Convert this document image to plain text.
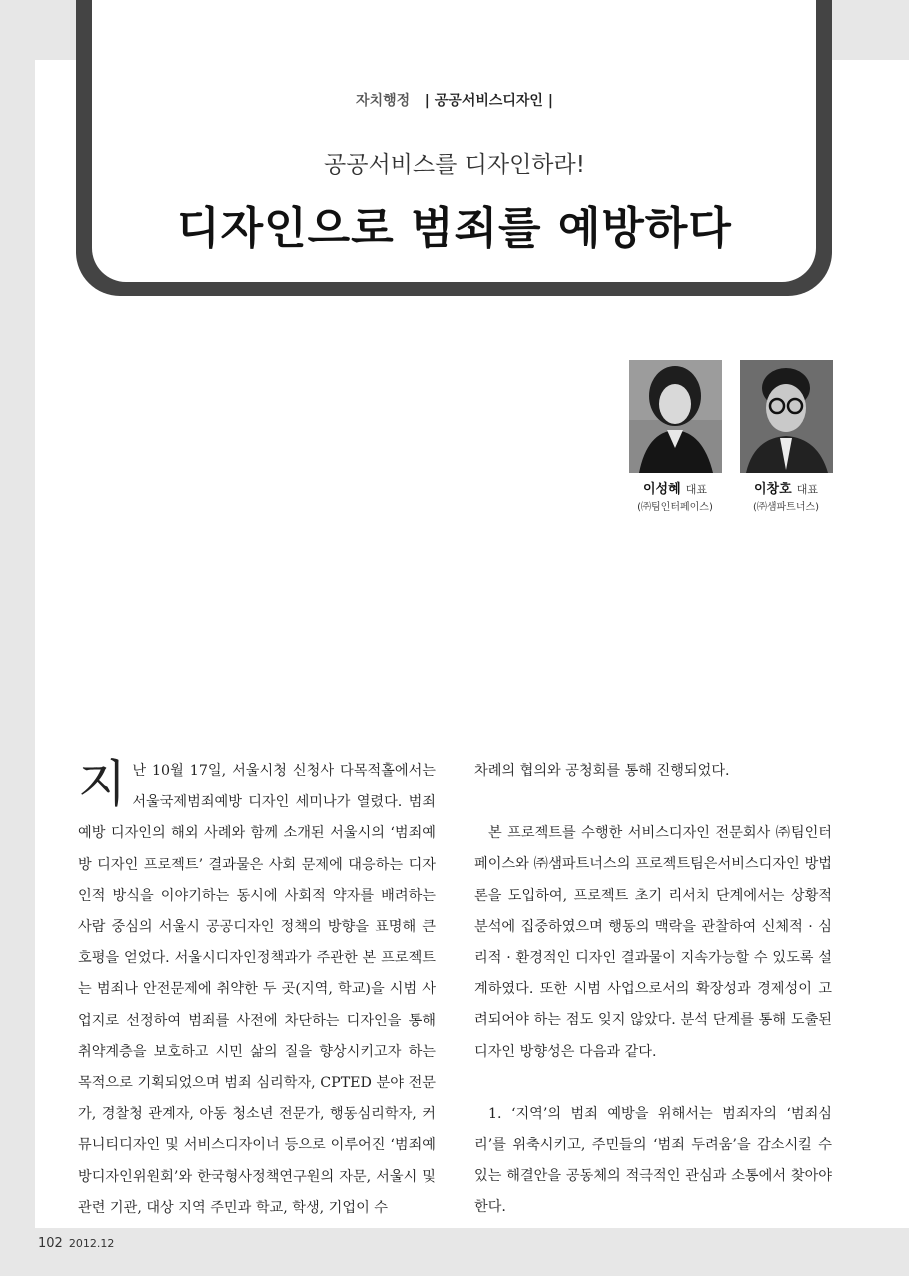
자치행정 | 공공서비스디자인 |
공공서비스를 디자인하라!
디자인으로 범죄를 예방하다
이성혜 대표
(㈜팀인터페이스)
이창호 대표
(㈜샘파트너스)

지난 10월 17일, 서울시청 신청사 다목적홀에서는 서울국제범죄예방 디자인 세미나가 열렸다. 범죄예방 디자인의 해외 사례와 함께 소개된 서울시의 ‘범죄예방 디자인 프로젝트’ 결과물은 사회 문제에 대응하는 디자인적 방식을 이야기하는 동시에 사회적 약자를 배려하는 사람 중심의 서울시 공공디자인 정책의 방향을 표명해 큰 호평을 얻었다. 서울시디자인정책과가 주관한 본 프로젝트는 범죄나 안전문제에 취약한 두 곳(지역, 학교)을 시범 사업지로 선정하여 범죄를 사전에 차단하는 디자인을 통해 취약계층을 보호하고 시민 삶의 질을 향상시키고자 하는 목적으로 기획되었으며 범죄 심리학자, CPTED 분야 전문가, 경찰청 관계자, 아동 청소년 전문가, 행동심리학자, 커뮤니티디자인 및 서비스디자이너 등으로 이루어진 ‘범죄예방디자인위원회’와 한국형사정책연구원의 자문, 서울시 및 관련 기관, 대상 지역 주민과 학교, 학생, 기업이 수

차례의 협의와 공청회를 통해 진행되었다.

본 프로젝트를 수행한 서비스디자인 전문회사 ㈜팀인터페이스와 ㈜샘파트너스의 프로젝트팀은서비스디자인 방법론을 도입하여, 프로젝트 초기 리서치 단계에서는 상황적 분석에 집중하였으며 행동의 맥락을 관찰하여 신체적 · 심리적 · 환경적인 디자인 결과물이 지속가능할 수 있도록 설계하였다. 또한 시범 사업으로서의 확장성과 경제성이 고려되어야 하는 점도 잊지 않았다. 분석 단계를 통해 도출된 디자인 방향성은 다음과 같다.

1. ‘지역’의 범죄 예방을 위해서는 범죄자의 ‘범죄심리’를 위축시키고, 주민들의 ‘범죄 두려움’을 감소시킬 수 있는 해결안을 공동체의 적극적인 관심과 소통에서 찾아야 한다.

102 2012.12
